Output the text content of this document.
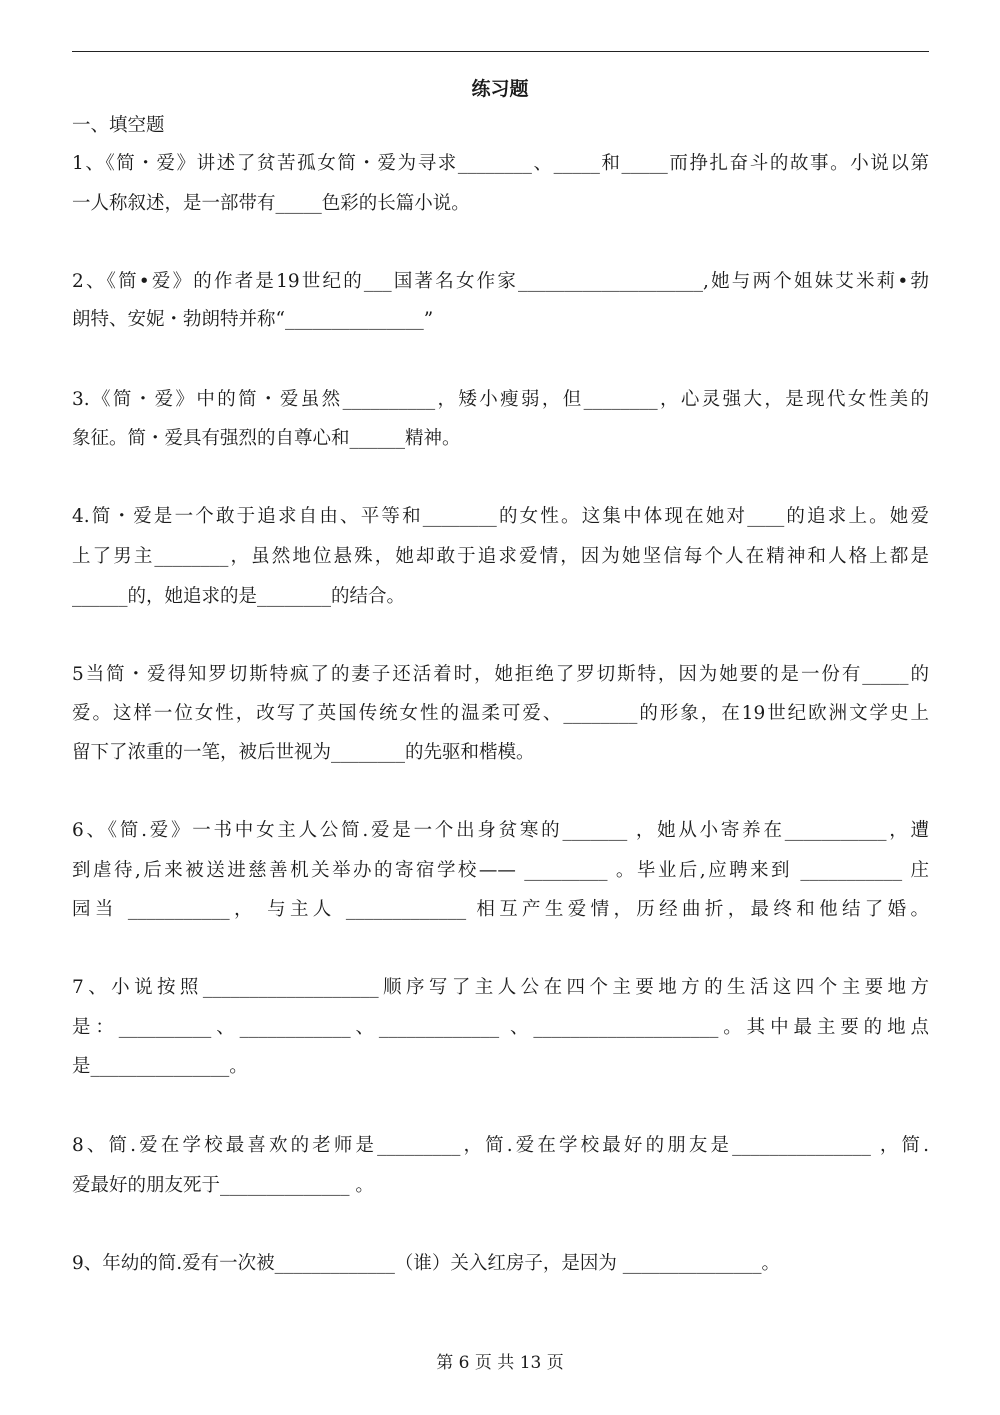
练习题
一、填空题
1、《简・爱》讲述了贫苦孤女简・爱为寻求________、_____和_____而挣扎奋斗的故事。小说以第
一人称叙述，是一部带有_____色彩的长篇小说。
2、《简•爱》的作者是19世纪的___国著名女作家____________________,她与两个姐妹艾米莉•勃
朗特、安妮・勃朗特并称“_______________”
3.《简・爱》中的简・爱虽然__________，矮小瘦弱，但________，心灵强大，是现代女性美的
象征。简・爱具有强烈的自尊心和______精神。
4.简・爱是一个敢于追求自由、平等和________的女性。这集中体现在她对____的追求上。她爱
上了男主________，虽然地位悬殊，她却敢于追求爱情，因为她坚信每个人在精神和人格上都是
______的，她追求的是________的结合。
5当简・爱得知罗切斯特疯了的妻子还活着时，她拒绝了罗切斯特，因为她要的是一份有_____的
爱。这样一位女性，改写了英国传统女性的温柔可爱、________的形象，在19世纪欧洲文学史上
留下了浓重的一笔，被后世视为________的先驱和楷模。
6、《简.爱》一书中女主人公简.爱是一个出身贫寒的_______ ，她从小寄养在___________，遭
到虐待,后来被送进慈善机关举办的寄宿学校—— _________ 。毕业后,应聘来到 ___________ 庄
园当 ___________， 与主人 _____________ 相互产生爱情，历经曲折，最终和他结了婚。
7、小说按照___________________顺序写了主人公在四个主要地方的生活这四个主要地方
是：__________、____________、_____________ 、____________________。其中最主要的地点
是_______________。
8、简.爱在学校最喜欢的老师是_________，简.爱在学校最好的朋友是_______________ ，简.
爱最好的朋友死于______________ 。
9、年幼的简.爱有一次被_____________（谁）关入红房子，是因为 _______________。
第 6 页 共 13 页
